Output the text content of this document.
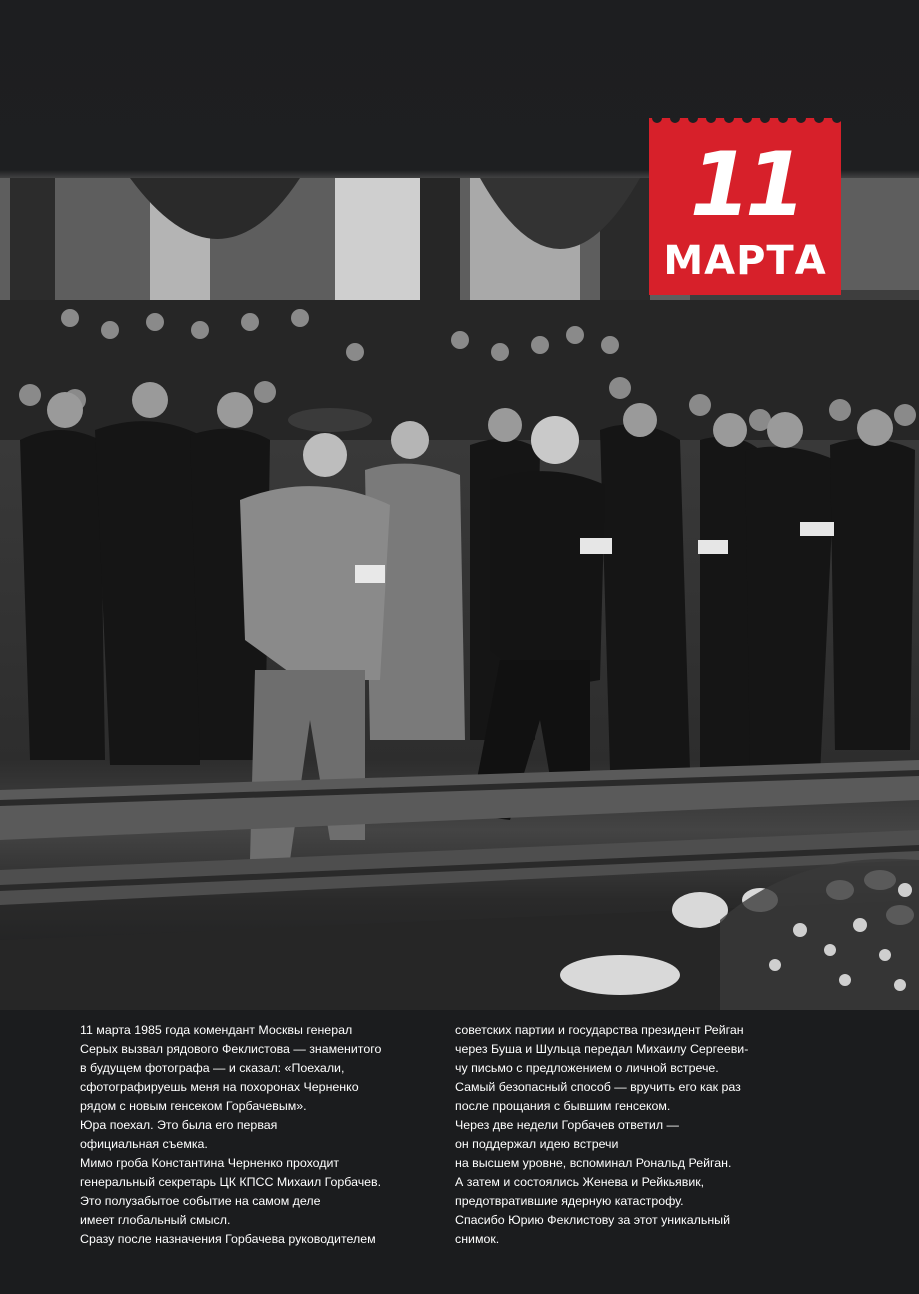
11
МАРТА
11 марта 1985 года комендант Москвы генерал
Серых вызвал рядового Феклистова — знаменитого
в будущем фотографа — и сказал: «Поехали,
сфотографируешь меня на похоронах Черненко
рядом с новым генсеком Горбачевым».
Юра поехал. Это была его первая
официальная съемка.
Мимо гроба Константина Черненко проходит
генеральный секретарь ЦК КПСС Михаил Горбачев.
Это полузабытое событие на самом деле
имеет глобальный смысл.
Сразу после назначения Горбачева руководителем
советских партии и государства президент Рейган
через Буша и Шульца передал Михаилу Сергееви-
чу письмо с предложением о личной встрече.
Самый безопасный способ — вручить его как раз
после прощания с бывшим генсеком.
Через две недели Горбачев ответил —
он поддержал идею встречи
на высшем уровне, вспоминал Рональд Рейган.
А затем и состоялись Женева и Рейкьявик,
предотвратившие ядерную катастрофу.
Спасибо Юрию Феклистову за этот уникальный
снимок.
